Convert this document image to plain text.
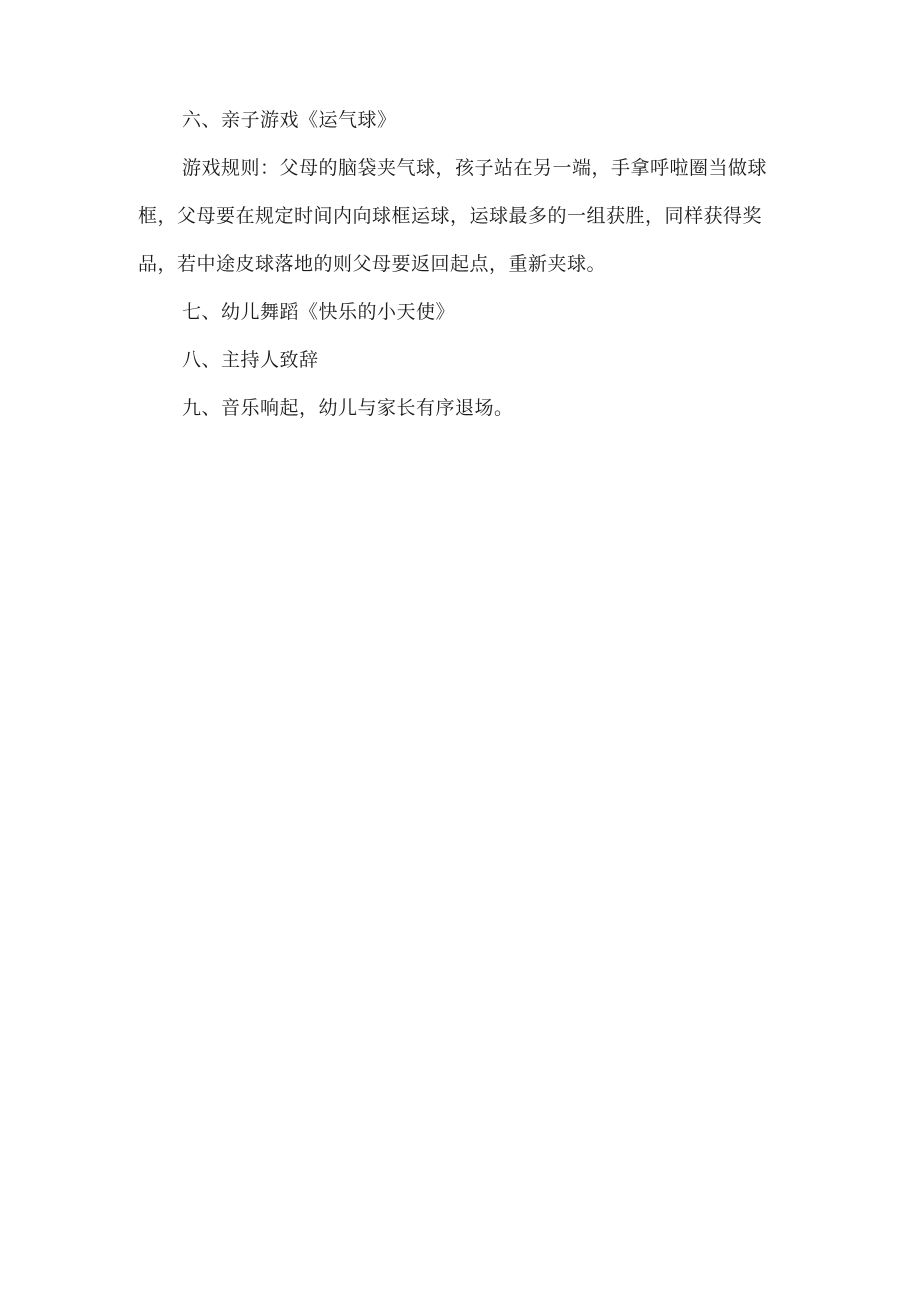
六、亲子游戏《运气球》

游戏规则：父母的脑袋夹气球，孩子站在另一端，手拿呼啦圈当做球框，父母要在规定时间内向球框运球，运球最多的一组获胜，同样获得奖品，若中途皮球落地的则父母要返回起点，重新夹球。

七、幼儿舞蹈《快乐的小天使》

八、主持人致辞

九、音乐响起，幼儿与家长有序退场。
